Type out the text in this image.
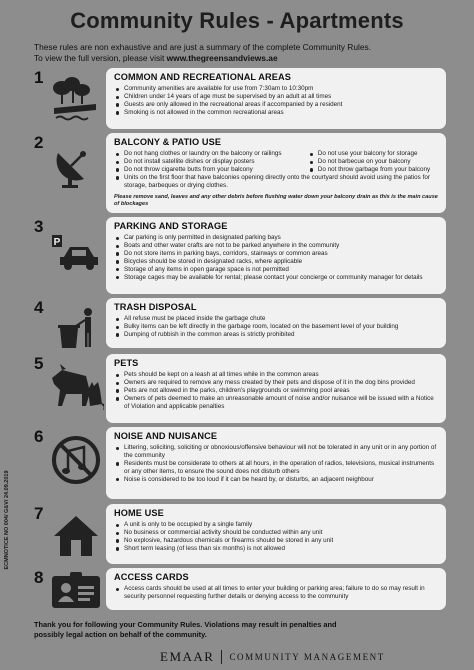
Community Rules - Apartments
These rules are non exhaustive and are just a summary of the complete Community Rules.
To view the full version, please visit www.thegreensandviews.ae
ECMNOTICE NO 004/ G&V/ 24.09.2019
1	COMMON AND RECREATIONAL AREAS
Community amenities are available for use from 7:30am to 10:30pm
Children under 14 years of age must be supervised by an adult at all times
Guests are only allowed in the recreational areas if accompanied by a resident
Smoking is not allowed in the common recreational areas
2	BALCONY & PATIO USE
Do not hang clothes or laundry on the balcony or railings
Do not install satellite dishes or display posters
Do not throw cigarette butts from your balcony
Do not use your balcony for storage
Do not barbecue on your balcony
Do not throw garbage from your balcony
Units on the first floor that have balconies opening directly onto the courtyard should avoid using the patios for storage, barbeques or drying clothes.
Please remove sand, leaves and any other debris before flushing water down your balcony drain as this is the main cause of blockages
3
P
PARKING AND STORAGE
Car parking is only permitted in designated parking bays
Boats and other water crafts are not to be parked anywhere in the community
Do not store items in parking bays, corridors, stairways or common areas
Bicycles should be stored in designated racks, where applicable
Storage of any items in open garage space is not permitted
Storage cages may be available for rental; please contact your concierge or community manager for details
4	TRASH DISPOSAL
All refuse must be placed inside the garbage chute
Bulky items can be left directly in the garbage room, located on the basement level of your building
Dumping of rubbish in the common areas is strictly prohibited
5	PETS
Pets should be kept on a leash at all times while in the common areas
Owners are required to remove any mess created by their pets and dispose of it in the dog bins provided
Pets are not allowed in the parks, children's playgrounds or swimming pool areas
Owners of pets deemed to make an unreasonable amount of noise and/or nuisance will be issued with a Notice of Violation and applicable penalties
6	NOISE AND NUISANCE
Littering, soliciting, soliciting or obnoxious/offensive behaviour will not be tolerated in any unit or in any portion of the community
Residents must be considerate to others at all hours, in the operation of radios, televisions, musical instruments or any other items, to ensure the sound does not disturb others
Noise is considered to be too loud if it can be heard by, or disturbs, an adjacent neighbour
7	HOME USE
A unit is only to be occupied by a single family
No business or commercial activity should be conducted within any unit
No explosive, hazardous chemicals or firearms should be stored in any unit
Short term leasing (of less than six months) is not allowed
8	ACCESS CARDS
Access cards should be used at all times to enter your building or parking area; failure to do so may result in security personnel requesting further details or denying access to the community
Thank you for following your Community Rules. Violations may result in penalties and possibly legal action on behalf of the community.
EMAAR COMMUNITY MANAGEMENT
